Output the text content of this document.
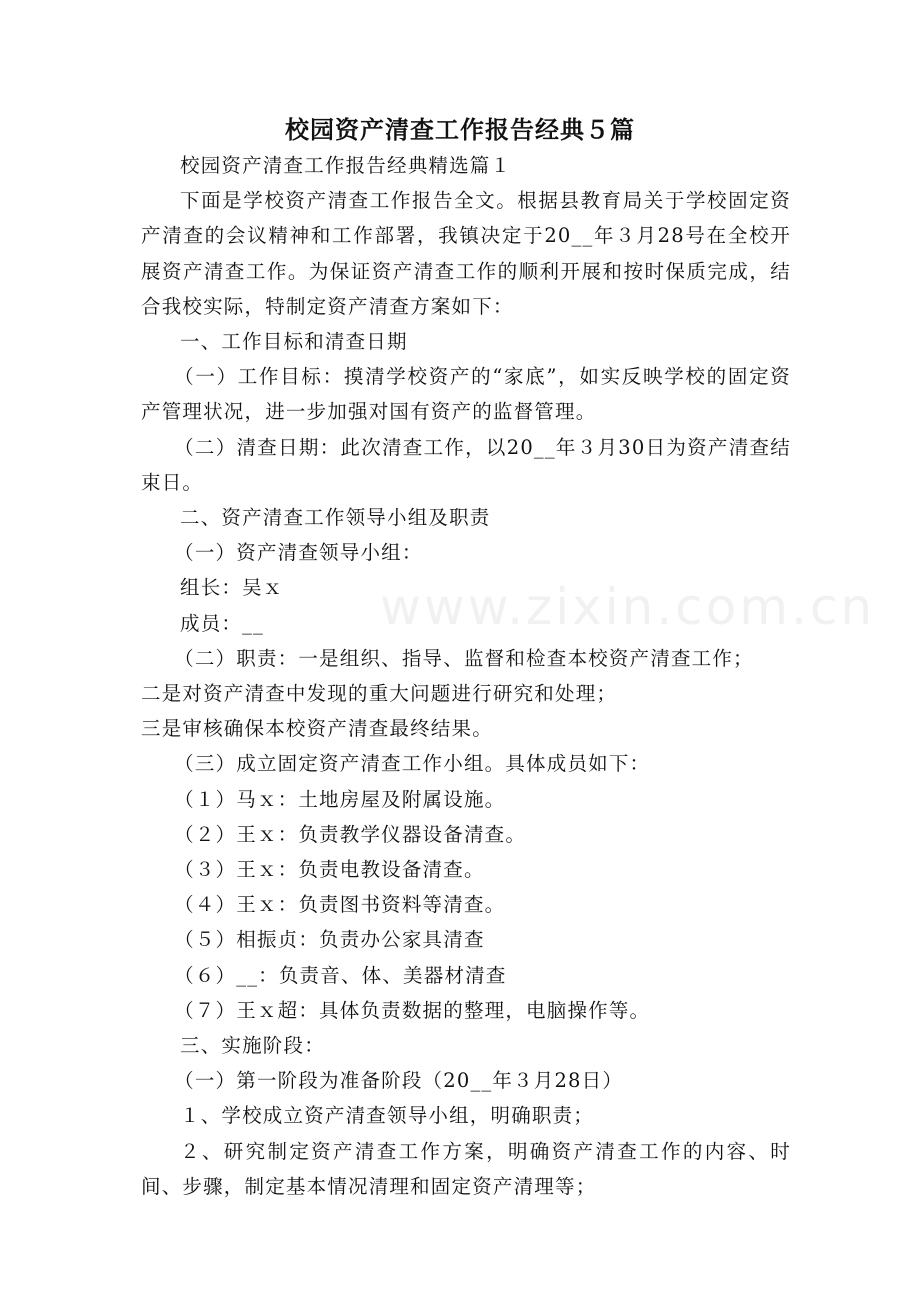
www.zixin.com.cn
校园资产清查工作报告经典５篇

校园资产清查工作报告经典精选篇１

下面是学校资产清查工作报告全文。根据县教育局关于学校固定资产清查的会议精神和工作部署，我镇决定于20__年３月28号在全校开展资产清查工作。为保证资产清查工作的顺利开展和按时保质完成，结合我校实际，特制定资产清查方案如下：

一、工作目标和清查日期

（一）工作目标：摸清学校资产的“家底”，如实反映学校的固定资产管理状况，进一步加强对国有资产的监督管理。

（二）清查日期：此次清查工作，以20__年３月30日为资产清查结束日。

二、资产清查工作领导小组及职责

（一）资产清查领导小组：

组长：吴ｘ

成员：__

（二）职责：一是组织、指导、监督和检查本校资产清查工作；

二是对资产清查中发现的重大问题进行研究和处理；

三是审核确保本校资产清查最终结果。

（三）成立固定资产清查工作小组。具体成员如下：

（１）马ｘ：土地房屋及附属设施。

（２）王ｘ：负责教学仪器设备清查。

（３）王ｘ：负责电教设备清查。

（４）王ｘ：负责图书资料等清查。

（５）相振贞：负责办公家具清查

（６）__：负责音、体、美器材清查

（７）王ｘ超：具体负责数据的整理，电脑操作等。

三、实施阶段：

（一）第一阶段为准备阶段（20__年３月28日）

１、学校成立资产清查领导小组，明确职责；

２、研究制定资产清查工作方案，明确资产清查工作的内容、时间、步骤，制定基本情况清理和固定资产清理等；
